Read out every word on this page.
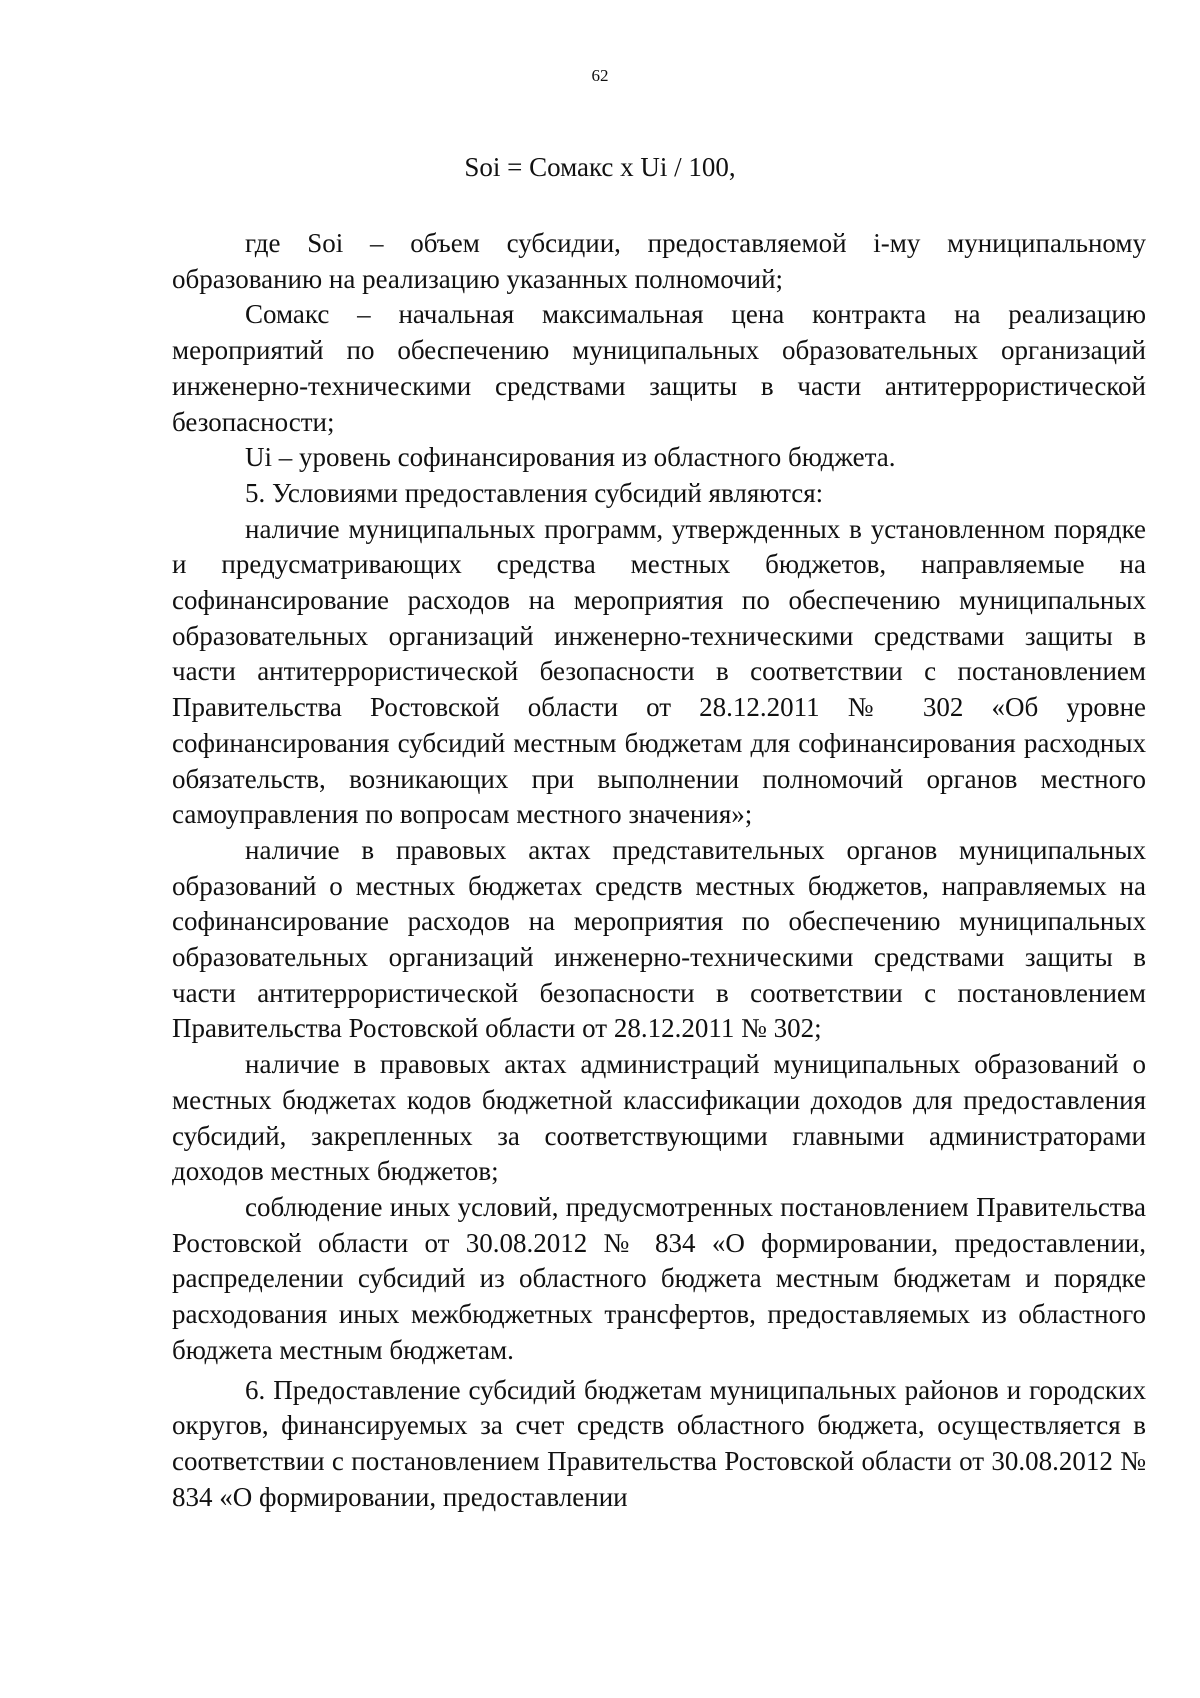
62
Soi = Сомакс x Ui / 100,

где Soi – объем субсидии, предоставляемой i-му муниципальному образованию на реализацию указанных полномочий;

Сомакс – начальная максимальная цена контракта на реализацию мероприятий по обеспечению муниципальных образовательных организаций инженерно-техническими средствами защиты в части антитеррористической безопасности;

Ui – уровень софинансирования из областного бюджета.

5. Условиями предоставления субсидий являются:

наличие муниципальных программ, утвержденных в установленном порядке и предусматривающих средства местных бюджетов, направляемые на софинансирование расходов на мероприятия по обеспечению муниципальных образовательных организаций инженерно-техническими средствами защиты в части антитеррористической безопасности в соответствии с постановлением Правительства Ростовской области от 28.12.2011 № 302 «Об уровне софинансирования субсидий местным бюджетам для софинансирования расходных обязательств, возникающих при выполнении полномочий органов местного самоуправления по вопросам местного значения»;

наличие в правовых актах представительных органов муниципальных образований о местных бюджетах средств местных бюджетов, направляемых на софинансирование расходов на мероприятия по обеспечению муниципальных образовательных организаций инженерно-техническими средствами защиты в части антитеррористической безопасности в соответствии с постановлением Правительства Ростовской области от 28.12.2011 № 302;

наличие в правовых актах администраций муниципальных образований о местных бюджетах кодов бюджетной классификации доходов для предоставления субсидий, закрепленных за соответствующими главными администраторами доходов местных бюджетов;

соблюдение иных условий, предусмотренных постановлением Правительства Ростовской области от 30.08.2012 № 834 «О формировании, предоставлении, распределении субсидий из областного бюджета местным бюджетам и порядке расходования иных межбюджетных трансфертов, предоставляемых из областного бюджета местным бюджетам.

6. Предоставление субсидий бюджетам муниципальных районов и городских округов, финансируемых за счет средств областного бюджета, осуществляется в соответствии с постановлением Правительства Ростовской области от 30.08.2012 № 834 «О формировании, предоставлении
